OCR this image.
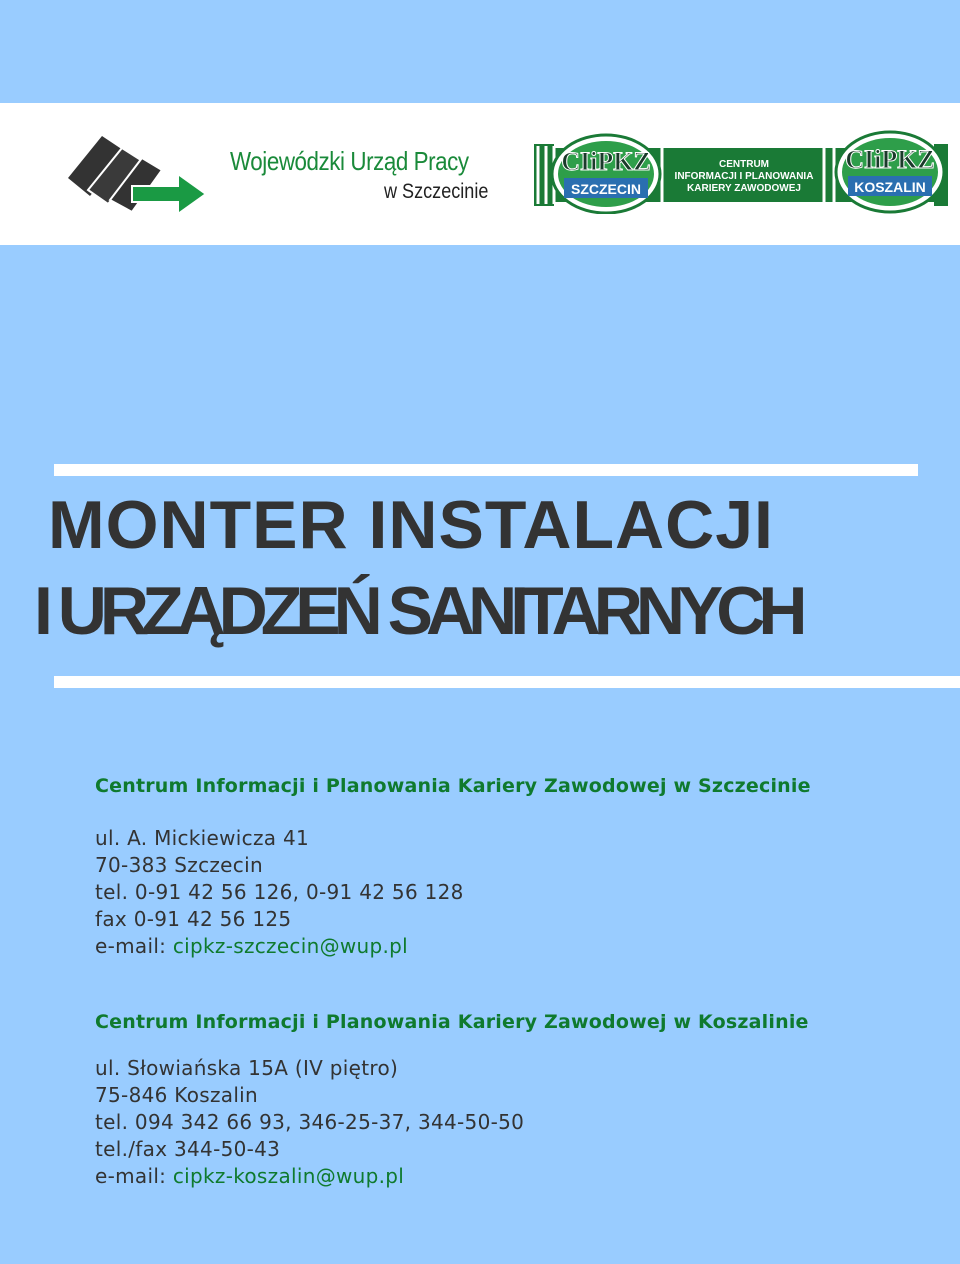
Wojewódzki Urząd Pracy
w Szczecinie
CIiPKZ
SZCZECIN
CENTRUM
INFORMACJI I PLANOWANIA
KARIERY ZAWODOWEJ
CIiPKZ
KOSZALIN
MONTER INSTALACJI
I URZĄDZEŃ SANITARNYCH
Centrum Informacji i Planowania Kariery Zawodowej w Szczecinie
ul. A. Mickiewicza 41
70-383 Szczecin
tel. 0-91 42 56 126, 0-91 42 56 128
fax 0-91 42 56 125
e-mail: cipkz-szczecin@wup.pl
Centrum Informacji i Planowania Kariery Zawodowej w Koszalinie
ul. Słowiańska 15A (IV piętro)
75-846 Koszalin
tel. 094 342 66 93, 346-25-37, 344-50-50
tel./fax 344-50-43
e-mail: cipkz-koszalin@wup.pl
